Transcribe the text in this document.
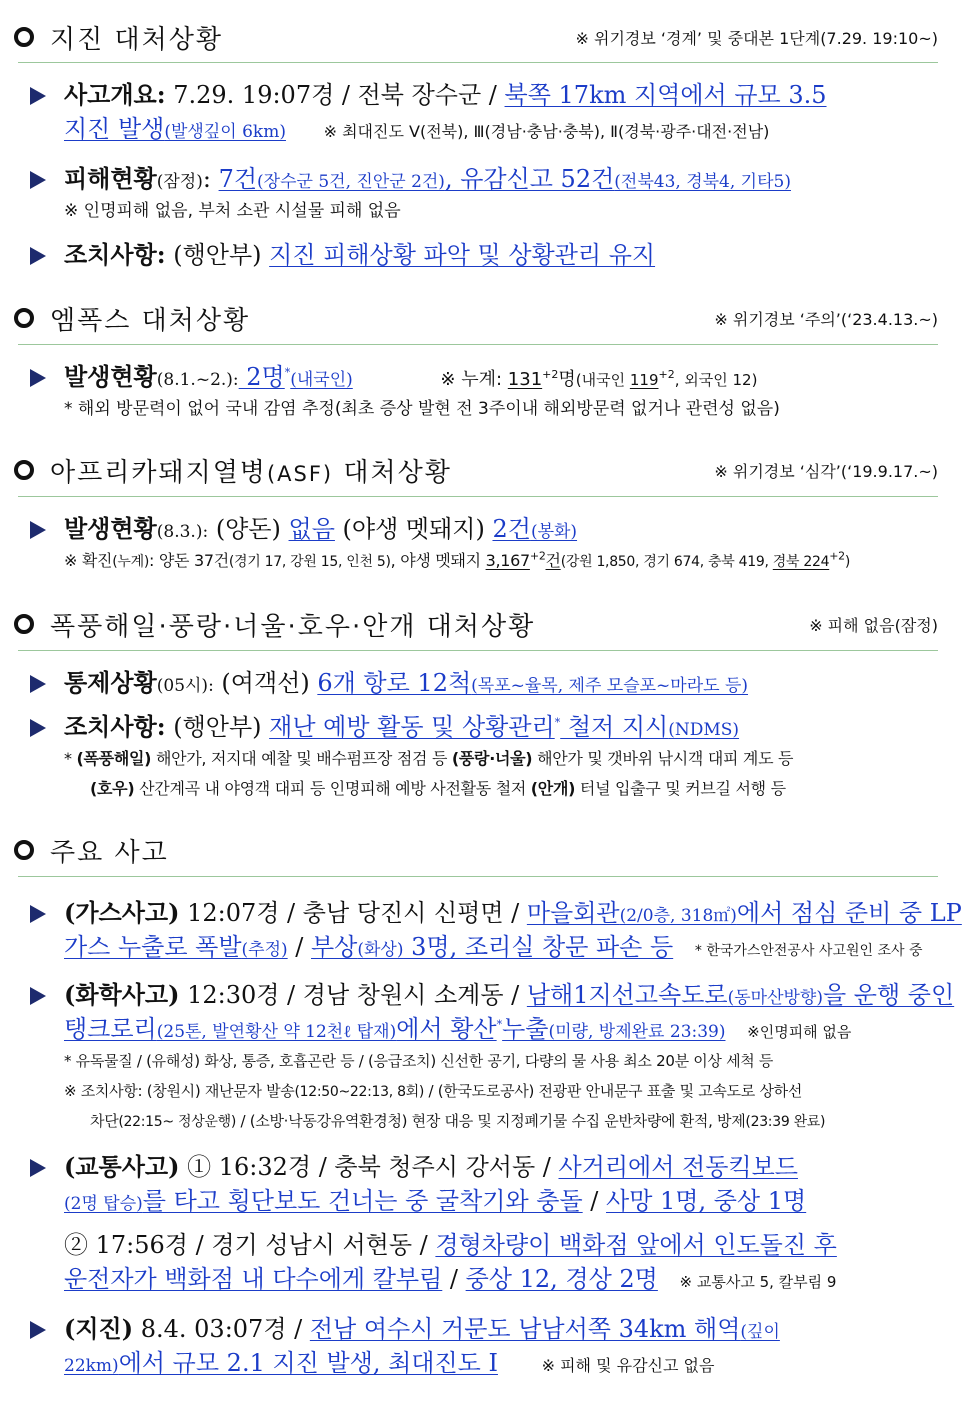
지진 대처상황	※ 위기경보 ‘경계’ 및 중대본 1단계(7.29. 19:10~)
사고개요: 7.29. 19:07경 / 전북 장수군 / 북쪽 17km 지역에서 규모 3.5
지진 발생(발생깊이 6km) ※ 최대진도 Ⅴ(전북), Ⅲ(경남·충남·충북), Ⅱ(경북·광주·대전·전남)
피해현황(잠정): 7건(장수군 5건, 진안군 2건), 유감신고 52건(전북43, 경북4, 기타5)
※ 인명피해 없음, 부처 소관 시설물 피해 없음
조치사항: (행안부) 지진 피해상황 파악 및 상황관리 유지
엠폭스 대처상황	※ 위기경보 ‘주의’(‘23.4.13.~)
발생현황(8.1.~2.): 2명*(내국인)	※ 누계: $131^{+2}$명(내국인 $119^{+2}$, 외국인 12)
* 해외 방문력이 없어 국내 감염 추정(최초 증상 발현 전 3주이내 해외방문력 없거나 관련성 없음)
아프리카돼지열병(ASF) 대처상황	※ 위기경보 ‘심각’(‘19.9.17.~)
발생현황(8.3.): (양돈) 없음 (야생 멧돼지) 2건(봉화)
※ 확진(누계): 양돈 37건(경기 17, 강원 15, 인천 5), 야생 멧돼지 $3,167^{+2}$건(강원 1,850, 경기 674, 충북 419, 경북 $224^{+2}$)
폭풍해일·풍랑·너울·호우·안개 대처상황	※ 피해 없음(잠정)
통제상황(05시): (여객선) 6개 항로 12척(목포~율목, 제주 모슬포~마라도 등)
조치사항: (행안부) 재난 예방 활동 및 상황관리* 철저 지시(NDMS)
* (폭풍해일) 해안가, 저지대 예찰 및 배수펌프장 점검 등 (풍랑·너울) 해안가 및 갯바위 낚시객 대피 계도 등
(호우) 산간계곡 내 야영객 대피 등 인명피해 예방 사전활동 철저 (안개) 터널 입출구 및 커브길 서행 등
주요 사고
(가스사고) 12:07경 / 충남 당진시 신평면 / 마을회관(2/0층, 318㎡)에서 점심 준비 중 LP
가스 누출로 폭발(추정) / 부상(화상) 3명, 조리실 창문 파손 등 * 한국가스안전공사 사고원인 조사 중
(화학사고) 12:30경 / 경남 창원시 소계동 / 남해1지선고속도로(동마산방향)을 운행 중인
탱크로리(25톤, 발연황산 약 12천ℓ 탑재)에서 황산*누출(미량, 방제완료 23:39) ※인명피해 없음
* 유독물질 / (유해성) 화상, 통증, 호흡곤란 등 / (응급조치) 신선한 공기, 다량의 물 사용 최소 20분 이상 세척 등
※ 조치사항: (창원시) 재난문자 발송(12:50~22:13, 8회) / (한국도로공사) 전광판 안내문구 표출 및 고속도로 상하선
차단(22:15~ 정상운행) / (소방·낙동강유역환경청) 현장 대응 및 지정폐기물 수집 운반차량에 환적, 방제(23:39 완료)
(교통사고) ① 16:32경 / 충북 청주시 강서동 / 사거리에서 전동킥보드
(2명 탑승)를 타고 횡단보도 건너는 중 굴착기와 충돌 / 사망 1명, 중상 1명
② 17:56경 / 경기 성남시 서현동 / 경형차량이 백화점 앞에서 인도돌진 후
운전자가 백화점 내 다수에게 칼부림 / 중상 12, 경상 2명 ※ 교통사고 5, 칼부림 9
(지진) 8.4. 03:07경 / 전남 여수시 거문도 남남서쪽 34km 해역(깊이
22km)에서 규모 2.1 지진 발생, 최대진도 Ⅰ	※ 피해 및 유감신고 없음
